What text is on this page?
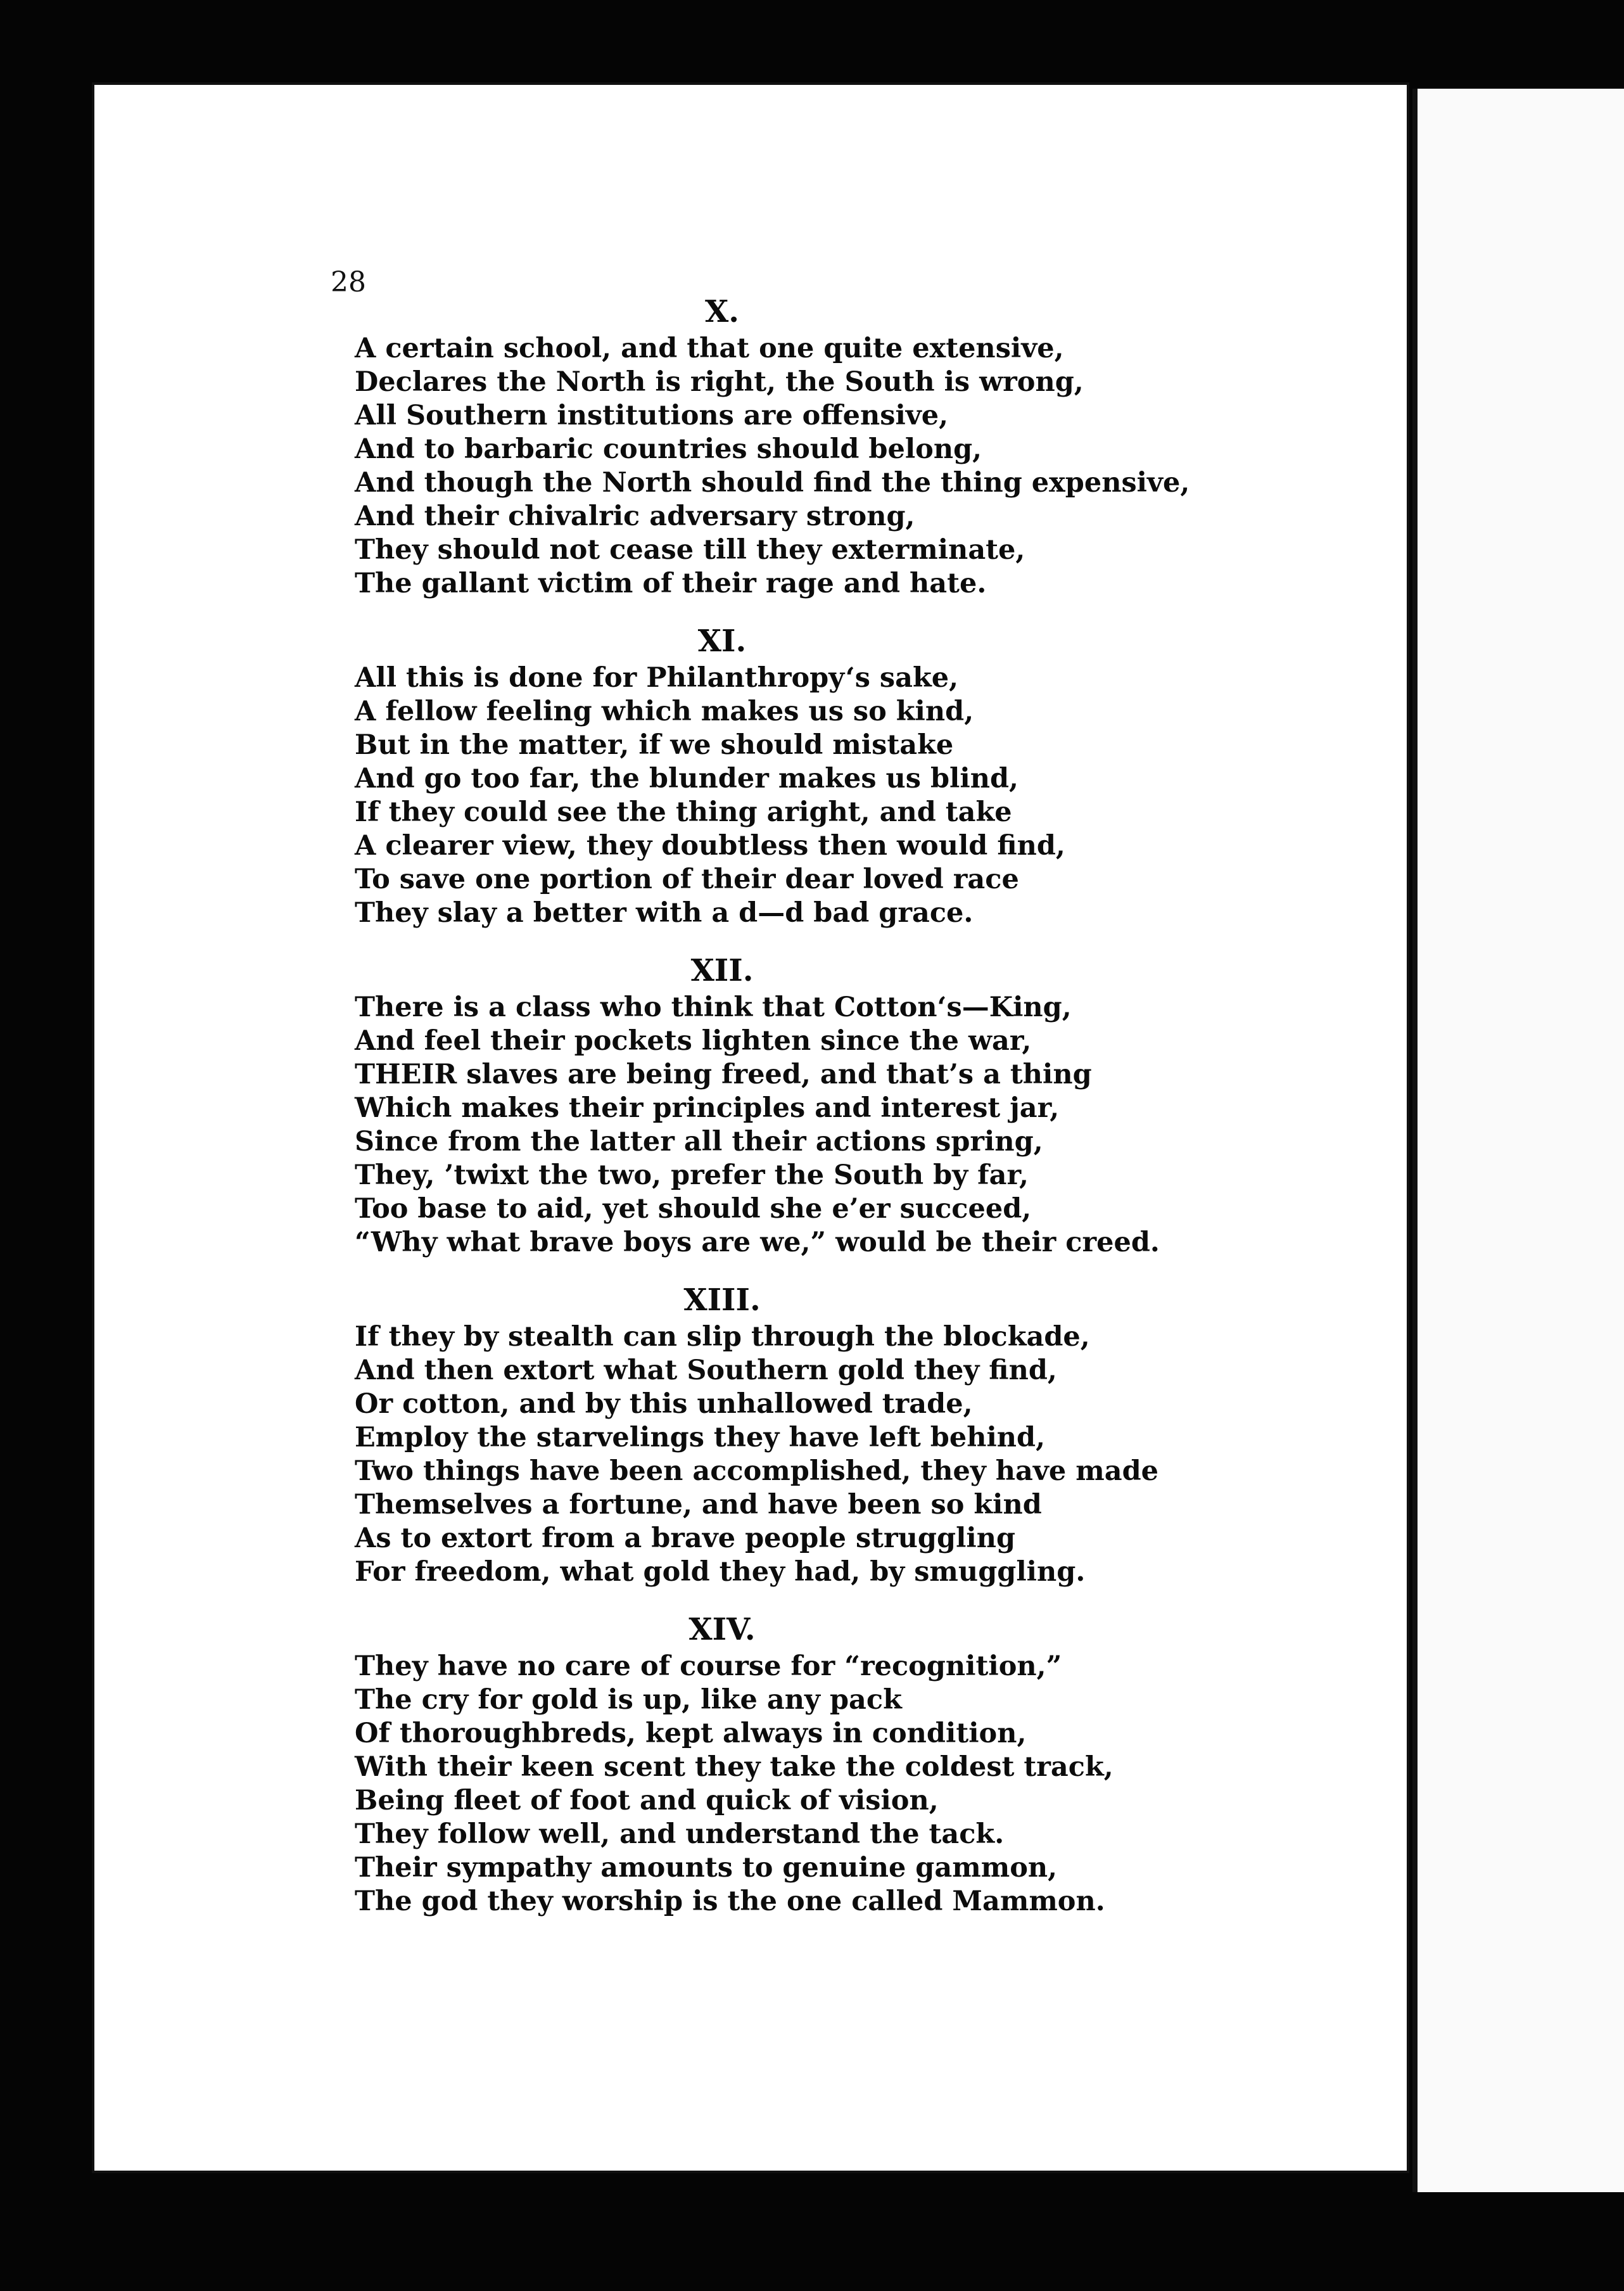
28
X.
A certain school, and that one quite extensive,
Declares the North is right, the South is wrong,
All Southern institutions are offensive,
And to barbaric countries should belong,
And though the North should find the thing expensive,
And their chivalric adversary strong,
They should not cease till they exterminate,
The gallant victim of their rage and hate.
XI.
All this is done for Philanthropy‘s sake,
A fellow feeling which makes us so kind,
But in the matter, if we should mistake
And go too far, the blunder makes us blind,
If they could see the thing aright, and take
A clearer view, they doubtless then would find,
To save one portion of their dear loved race
They slay a better with a d—d bad grace.
XII.
There is a class who think that Cotton‘s—King,
And feel their pockets lighten since the war,
THEIR slaves are being freed, and that’s a thing
Which makes their principles and interest jar,
Since from the latter all their actions spring,
They, ’twixt the two, prefer the South by far,
Too base to aid, yet should she e’er succeed,
“Why what brave boys are we,” would be their creed.
XIII.
If they by stealth can slip through the blockade,
And then extort what Southern gold they find,
Or cotton, and by this unhallowed trade,
Employ the starvelings they have left behind,
Two things have been accomplished, they have made
Themselves a fortune, and have been so kind
As to extort from a brave people struggling
For freedom, what gold they had, by smuggling.
XIV.
They have no care of course for “recognition,”
The cry for gold is up, like any pack
Of thoroughbreds, kept always in condition,
With their keen scent they take the coldest track,
Being fleet of foot and quick of vision,
They follow well, and understand the tack.
Their sympathy amounts to genuine gammon,
The god they worship is the one called Mammon.
